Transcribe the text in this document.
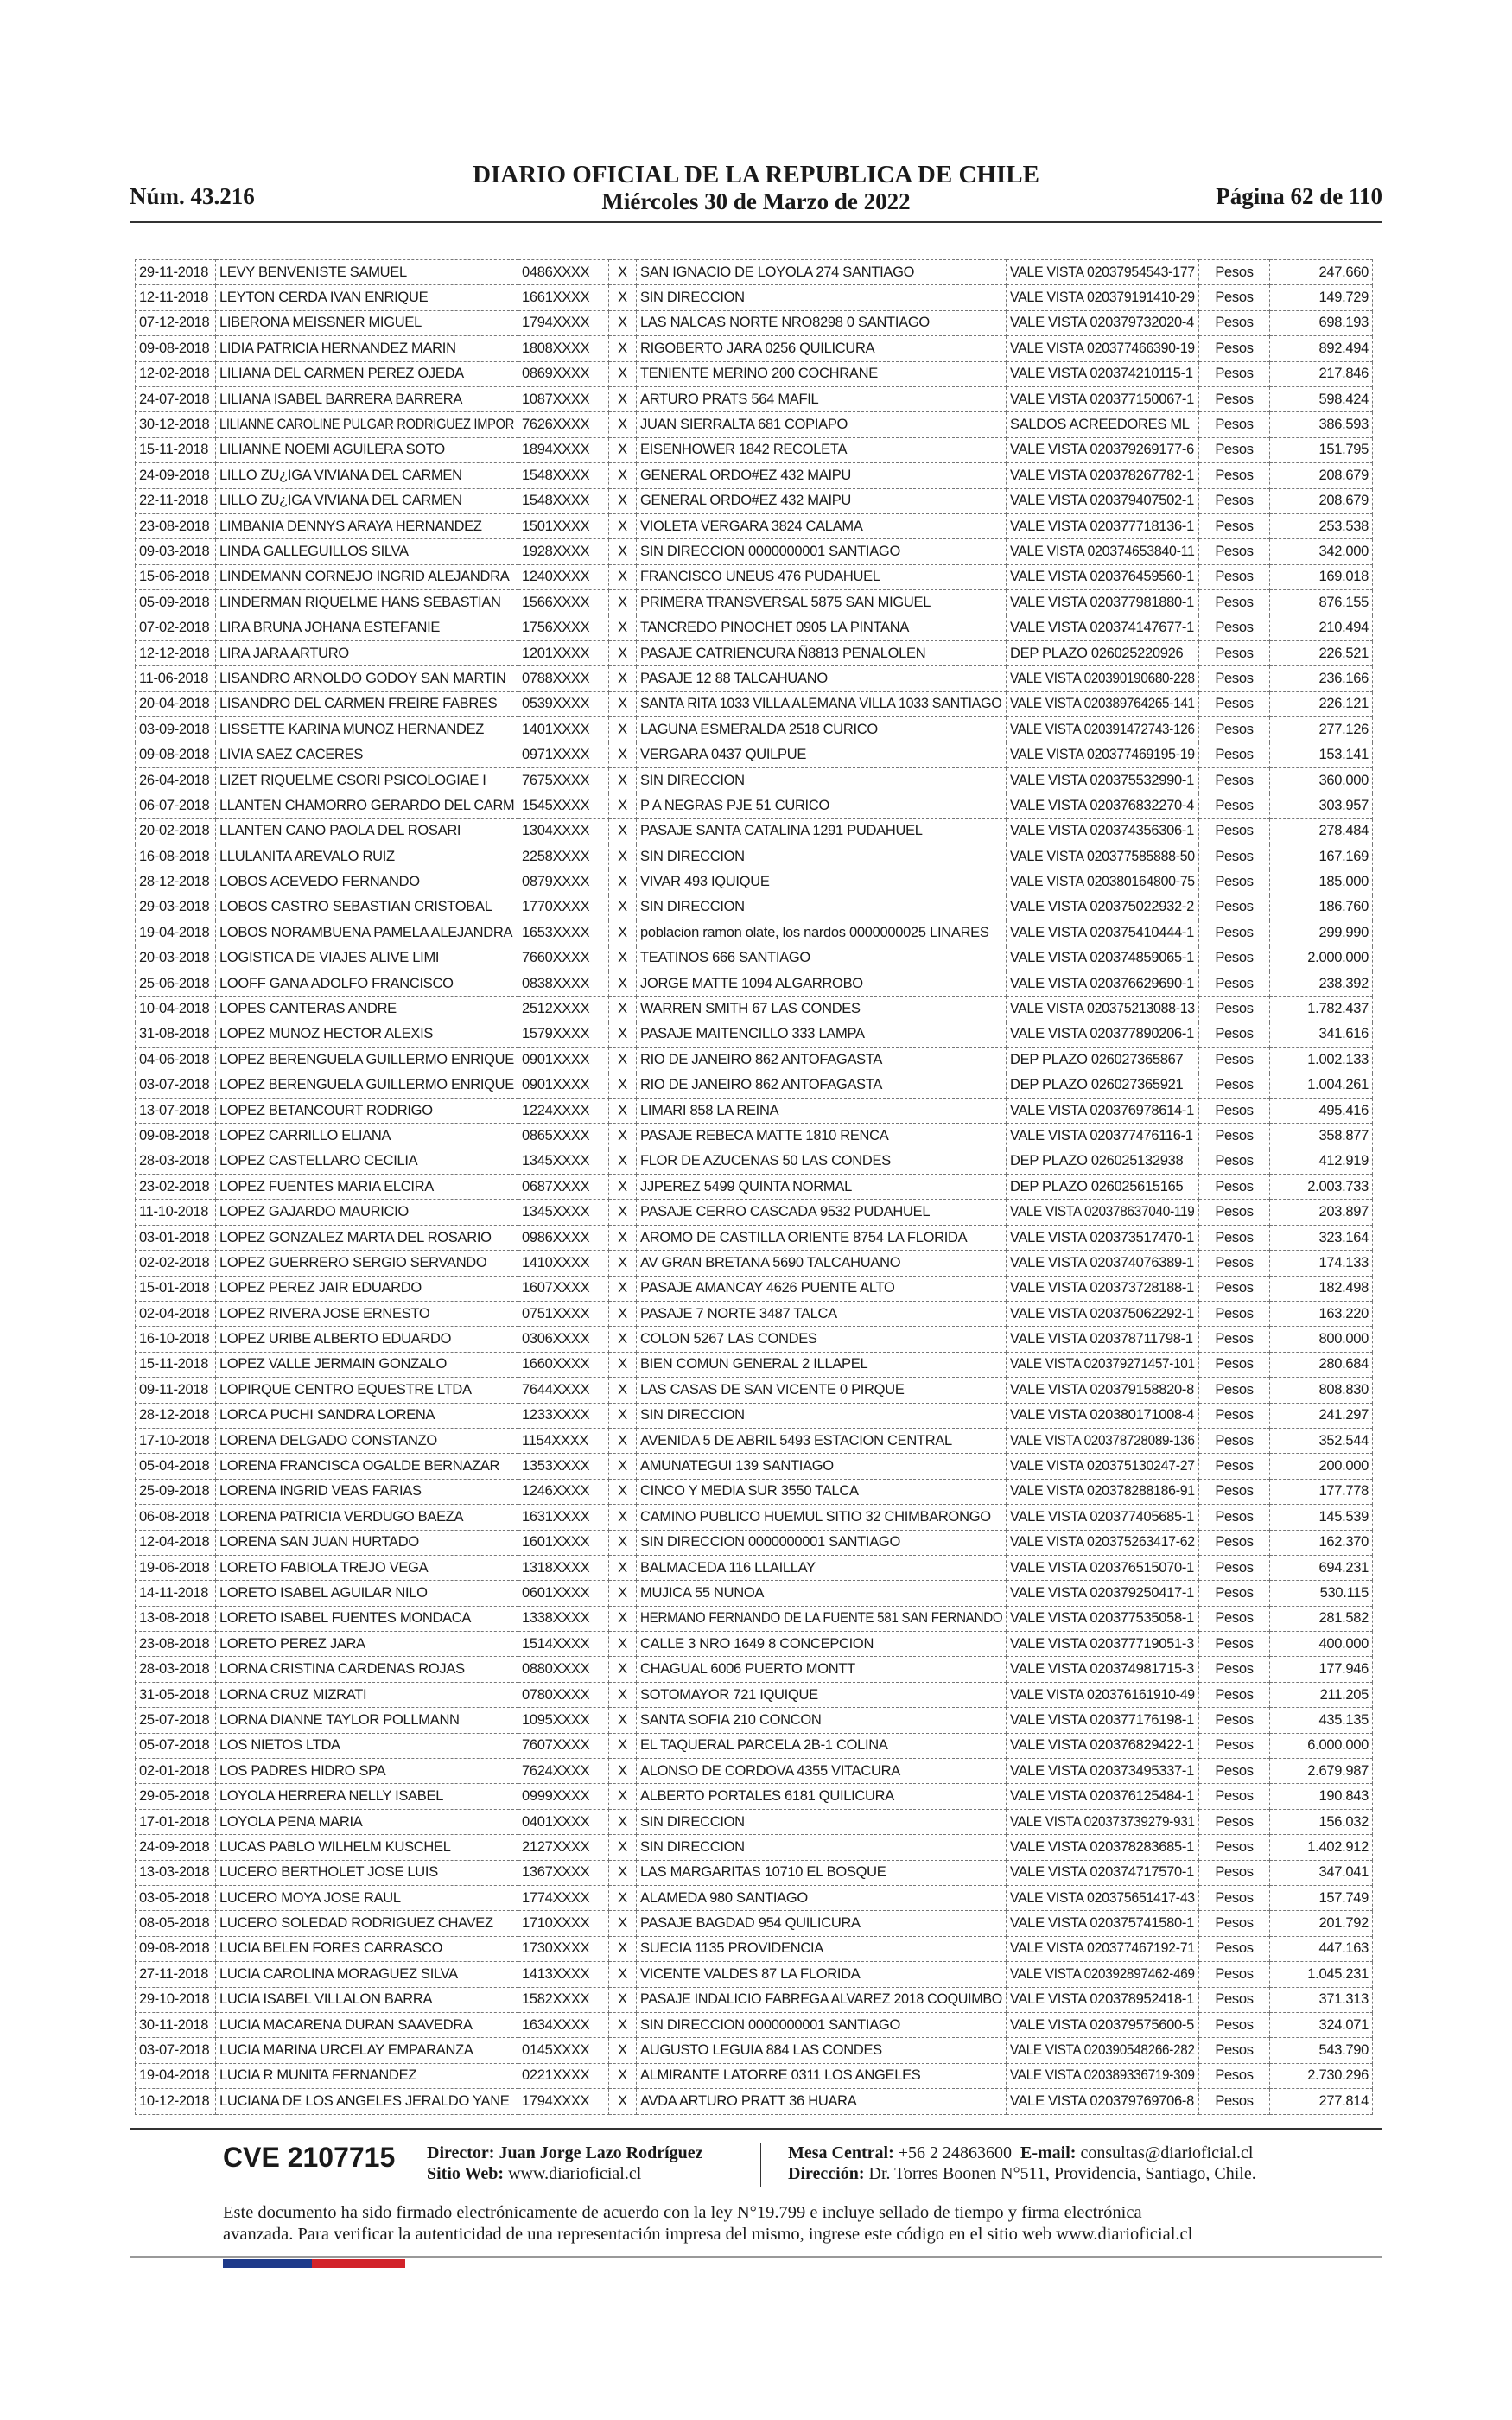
Núm. 43.216
DIARIO OFICIAL DE LA REPUBLICA DE CHILE
Miércoles 30 de Marzo de 2022	Página 62 de 110
29-11-2018	LEVY BENVENISTE SAMUEL	0486XXXX	X	SAN IGNACIO DE LOYOLA 274 SANTIAGO	VALE VISTA 02037954543-177	Pesos	247.660
12-11-2018	LEYTON CERDA IVAN ENRIQUE	1661XXXX	X	SIN DIRECCION	VALE VISTA 020379191410-29	Pesos	149.729
07-12-2018	LIBERONA MEISSNER MIGUEL	1794XXXX	X	LAS NALCAS NORTE NRO8298 0 SANTIAGO	VALE VISTA 020379732020-4	Pesos	698.193
09-08-2018	LIDIA PATRICIA HERNANDEZ MARIN	1808XXXX	X	RIGOBERTO JARA 0256 QUILICURA	VALE VISTA 020377466390-19	Pesos	892.494
12-02-2018	LILIANA DEL CARMEN PEREZ OJEDA	0869XXXX	X	TENIENTE MERINO 200 COCHRANE	VALE VISTA 020374210115-1	Pesos	217.846
24-07-2018	LILIANA ISABEL BARRERA BARRERA	1087XXXX	X	ARTURO PRATS 564 MAFIL	VALE VISTA 020377150067-1	Pesos	598.424
30-12-2018	LILIANNE CAROLINE PULGAR RODRIGUEZ IMPOR	7626XXXX	X	JUAN SIERRALTA 681 COPIAPO	SALDOS ACREEDORES ML	Pesos	386.593
15-11-2018	LILIANNE NOEMI AGUILERA SOTO	1894XXXX	X	EISENHOWER 1842 RECOLETA	VALE VISTA 020379269177-6	Pesos	151.795
24-09-2018	LILLO ZU¿IGA VIVIANA DEL CARMEN	1548XXXX	X	GENERAL ORDO#EZ 432 MAIPU	VALE VISTA 020378267782-1	Pesos	208.679
22-11-2018	LILLO ZU¿IGA VIVIANA DEL CARMEN	1548XXXX	X	GENERAL ORDO#EZ 432 MAIPU	VALE VISTA 020379407502-1	Pesos	208.679
23-08-2018	LIMBANIA DENNYS ARAYA HERNANDEZ	1501XXXX	X	VIOLETA VERGARA 3824 CALAMA	VALE VISTA 020377718136-1	Pesos	253.538
09-03-2018	LINDA GALLEGUILLOS SILVA	1928XXXX	X	SIN DIRECCION 0000000001 SANTIAGO	VALE VISTA 020374653840-11	Pesos	342.000
15-06-2018	LINDEMANN CORNEJO INGRID ALEJANDRA	1240XXXX	X	FRANCISCO UNEUS 476 PUDAHUEL	VALE VISTA 020376459560-1	Pesos	169.018
05-09-2018	LINDERMAN RIQUELME HANS SEBASTIAN	1566XXXX	X	PRIMERA TRANSVERSAL 5875 SAN MIGUEL	VALE VISTA 020377981880-1	Pesos	876.155
07-02-2018	LIRA BRUNA JOHANA ESTEFANIE	1756XXXX	X	TANCREDO PINOCHET 0905 LA PINTANA	VALE VISTA 020374147677-1	Pesos	210.494
12-12-2018	LIRA JARA ARTURO	1201XXXX	X	PASAJE CATRIENCURA Ñ8813 PENALOLEN	DEP PLAZO 026025220926	Pesos	226.521
11-06-2018	LISANDRO ARNOLDO GODOY SAN MARTIN	0788XXXX	X	PASAJE 12 88 TALCAHUANO	VALE VISTA 020390190680-228	Pesos	236.166
20-04-2018	LISANDRO DEL CARMEN FREIRE FABRES	0539XXXX	X	SANTA RITA 1033 VILLA ALEMANA VILLA 1033 SANTIAGO	VALE VISTA 020389764265-141	Pesos	226.121
03-09-2018	LISSETTE KARINA MUNOZ HERNANDEZ	1401XXXX	X	LAGUNA ESMERALDA 2518 CURICO	VALE VISTA 020391472743-126	Pesos	277.126
09-08-2018	LIVIA SAEZ CACERES	0971XXXX	X	VERGARA 0437 QUILPUE	VALE VISTA 020377469195-19	Pesos	153.141
26-04-2018	LIZET RIQUELME CSORI PSICOLOGIAE I	7675XXXX	X	SIN DIRECCION	VALE VISTA 020375532990-1	Pesos	360.000
06-07-2018	LLANTEN CHAMORRO GERARDO DEL CARM	1545XXXX	X	P A NEGRAS PJE 51 CURICO	VALE VISTA 020376832270-4	Pesos	303.957
20-02-2018	LLANTEN CANO PAOLA DEL ROSARI	1304XXXX	X	PASAJE SANTA CATALINA 1291 PUDAHUEL	VALE VISTA 020374356306-1	Pesos	278.484
16-08-2018	LLULANITA AREVALO RUIZ	2258XXXX	X	SIN DIRECCION	VALE VISTA 020377585888-50	Pesos	167.169
28-12-2018	LOBOS ACEVEDO FERNANDO	0879XXXX	X	VIVAR 493 IQUIQUE	VALE VISTA 020380164800-75	Pesos	185.000
29-03-2018	LOBOS CASTRO SEBASTIAN CRISTOBAL	1770XXXX	X	SIN DIRECCION	VALE VISTA 020375022932-2	Pesos	186.760
19-04-2018	LOBOS NORAMBUENA PAMELA ALEJANDRA	1653XXXX	X	poblacion ramon olate, los nardos 0000000025 LINARES	VALE VISTA 020375410444-1	Pesos	299.990
20-03-2018	LOGISTICA DE VIAJES ALIVE LIMI	7660XXXX	X	TEATINOS 666 SANTIAGO	VALE VISTA 020374859065-1	Pesos	2.000.000
25-06-2018	LOOFF GANA ADOLFO FRANCISCO	0838XXXX	X	JORGE MATTE 1094 ALGARROBO	VALE VISTA 020376629690-1	Pesos	238.392
10-04-2018	LOPES CANTERAS ANDRE	2512XXXX	X	WARREN SMITH 67 LAS CONDES	VALE VISTA 020375213088-13	Pesos	1.782.437
31-08-2018	LOPEZ MUNOZ HECTOR ALEXIS	1579XXXX	X	PASAJE MAITENCILLO 333 LAMPA	VALE VISTA 020377890206-1	Pesos	341.616
04-06-2018	LOPEZ BERENGUELA GUILLERMO ENRIQUE	0901XXXX	X	RIO DE JANEIRO 862 ANTOFAGASTA	DEP PLAZO 026027365867	Pesos	1.002.133
03-07-2018	LOPEZ BERENGUELA GUILLERMO ENRIQUE	0901XXXX	X	RIO DE JANEIRO 862 ANTOFAGASTA	DEP PLAZO 026027365921	Pesos	1.004.261
13-07-2018	LOPEZ BETANCOURT RODRIGO	1224XXXX	X	LIMARI 858 LA REINA	VALE VISTA 020376978614-1	Pesos	495.416
09-08-2018	LOPEZ CARRILLO ELIANA	0865XXXX	X	PASAJE REBECA MATTE 1810 RENCA	VALE VISTA 020377476116-1	Pesos	358.877
28-03-2018	LOPEZ CASTELLARO CECILIA	1345XXXX	X	FLOR DE AZUCENAS 50 LAS CONDES	DEP PLAZO 026025132938	Pesos	412.919
23-02-2018	LOPEZ FUENTES MARIA ELCIRA	0687XXXX	X	JJPEREZ 5499 QUINTA NORMAL	DEP PLAZO 026025615165	Pesos	2.003.733
11-10-2018	LOPEZ GAJARDO MAURICIO	1345XXXX	X	PASAJE CERRO CASCADA 9532 PUDAHUEL	VALE VISTA 020378637040-119	Pesos	203.897
03-01-2018	LOPEZ GONZALEZ MARTA DEL ROSARIO	0986XXXX	X	AROMO DE CASTILLA ORIENTE 8754 LA FLORIDA	VALE VISTA 020373517470-1	Pesos	323.164
02-02-2018	LOPEZ GUERRERO SERGIO SERVANDO	1410XXXX	X	AV GRAN BRETANA 5690 TALCAHUANO	VALE VISTA 020374076389-1	Pesos	174.133
15-01-2018	LOPEZ PEREZ JAIR EDUARDO	1607XXXX	X	PASAJE AMANCAY 4626 PUENTE ALTO	VALE VISTA 020373728188-1	Pesos	182.498
02-04-2018	LOPEZ RIVERA JOSE ERNESTO	0751XXXX	X	PASAJE 7 NORTE 3487 TALCA	VALE VISTA 020375062292-1	Pesos	163.220
16-10-2018	LOPEZ URIBE ALBERTO EDUARDO	0306XXXX	X	COLON 5267 LAS CONDES	VALE VISTA 020378711798-1	Pesos	800.000
15-11-2018	LOPEZ VALLE JERMAIN GONZALO	1660XXXX	X	BIEN COMUN GENERAL 2 ILLAPEL	VALE VISTA 020379271457-101	Pesos	280.684
09-11-2018	LOPIRQUE CENTRO EQUESTRE LTDA	7644XXXX	X	LAS CASAS DE SAN VICENTE 0 PIRQUE	VALE VISTA 020379158820-8	Pesos	808.830
28-12-2018	LORCA PUCHI SANDRA LORENA	1233XXXX	X	SIN DIRECCION	VALE VISTA 020380171008-4	Pesos	241.297
17-10-2018	LORENA DELGADO CONSTANZO	1154XXXX	X	AVENIDA 5 DE ABRIL 5493 ESTACION CENTRAL	VALE VISTA 020378728089-136	Pesos	352.544
05-04-2018	LORENA FRANCISCA OGALDE BERNAZAR	1353XXXX	X	AMUNATEGUI 139 SANTIAGO	VALE VISTA 020375130247-27	Pesos	200.000
25-09-2018	LORENA INGRID VEAS FARIAS	1246XXXX	X	CINCO Y MEDIA SUR 3550 TALCA	VALE VISTA 020378288186-91	Pesos	177.778
06-08-2018	LORENA PATRICIA VERDUGO BAEZA	1631XXXX	X	CAMINO PUBLICO HUEMUL SITIO 32 CHIMBARONGO	VALE VISTA 020377405685-1	Pesos	145.539
12-04-2018	LORENA SAN JUAN HURTADO	1601XXXX	X	SIN DIRECCION 0000000001 SANTIAGO	VALE VISTA 020375263417-62	Pesos	162.370
19-06-2018	LORETO FABIOLA TREJO VEGA	1318XXXX	X	BALMACEDA 116 LLAILLAY	VALE VISTA 020376515070-1	Pesos	694.231
14-11-2018	LORETO ISABEL AGUILAR NILO	0601XXXX	X	MUJICA 55 NUNOA	VALE VISTA 020379250417-1	Pesos	530.115
13-08-2018	LORETO ISABEL FUENTES MONDACA	1338XXXX	X	HERMANO FERNANDO DE LA FUENTE 581 SAN FERNANDO	VALE VISTA 020377535058-1	Pesos	281.582
23-08-2018	LORETO PEREZ JARA	1514XXXX	X	CALLE 3 NRO 1649 8 CONCEPCION	VALE VISTA 020377719051-3	Pesos	400.000
28-03-2018	LORNA CRISTINA CARDENAS ROJAS	0880XXXX	X	CHAGUAL 6006 PUERTO MONTT	VALE VISTA 020374981715-3	Pesos	177.946
31-05-2018	LORNA CRUZ MIZRATI	0780XXXX	X	SOTOMAYOR 721 IQUIQUE	VALE VISTA 020376161910-49	Pesos	211.205
25-07-2018	LORNA DIANNE TAYLOR POLLMANN	1095XXXX	X	SANTA SOFIA 210 CONCON	VALE VISTA 020377176198-1	Pesos	435.135
05-07-2018	LOS NIETOS LTDA	7607XXXX	X	EL TAQUERAL PARCELA 2B-1 COLINA	VALE VISTA 020376829422-1	Pesos	6.000.000
02-01-2018	LOS PADRES HIDRO SPA	7624XXXX	X	ALONSO DE CORDOVA 4355 VITACURA	VALE VISTA 020373495337-1	Pesos	2.679.987
29-05-2018	LOYOLA HERRERA NELLY ISABEL	0999XXXX	X	ALBERTO PORTALES 6181 QUILICURA	VALE VISTA 020376125484-1	Pesos	190.843
17-01-2018	LOYOLA PENA MARIA	0401XXXX	X	SIN DIRECCION	VALE VISTA 020373739279-931	Pesos	156.032
24-09-2018	LUCAS PABLO WILHELM KUSCHEL	2127XXXX	X	SIN DIRECCION	VALE VISTA 020378283685-1	Pesos	1.402.912
13-03-2018	LUCERO BERTHOLET JOSE LUIS	1367XXXX	X	LAS MARGARITAS 10710 EL BOSQUE	VALE VISTA 020374717570-1	Pesos	347.041
03-05-2018	LUCERO MOYA JOSE RAUL	1774XXXX	X	ALAMEDA 980 SANTIAGO	VALE VISTA 020375651417-43	Pesos	157.749
08-05-2018	LUCERO SOLEDAD RODRIGUEZ CHAVEZ	1710XXXX	X	PASAJE BAGDAD 954 QUILICURA	VALE VISTA 020375741580-1	Pesos	201.792
09-08-2018	LUCIA BELEN FORES CARRASCO	1730XXXX	X	SUECIA 1135 PROVIDENCIA	VALE VISTA 020377467192-71	Pesos	447.163
27-11-2018	LUCIA CAROLINA MORAGUEZ SILVA	1413XXXX	X	VICENTE VALDES 87 LA FLORIDA	VALE VISTA 020392897462-469	Pesos	1.045.231
29-10-2018	LUCIA ISABEL VILLALON BARRA	1582XXXX	X	PASAJE INDALICIO FABREGA ALVAREZ 2018 COQUIMBO	VALE VISTA 020378952418-1	Pesos	371.313
30-11-2018	LUCIA MACARENA DURAN SAAVEDRA	1634XXXX	X	SIN DIRECCION 0000000001 SANTIAGO	VALE VISTA 020379575600-5	Pesos	324.071
03-07-2018	LUCIA MARINA URCELAY EMPARANZA	0145XXXX	X	AUGUSTO LEGUIA 884 LAS CONDES	VALE VISTA 020390548266-282	Pesos	543.790
19-04-2018	LUCIA R MUNITA FERNANDEZ	0221XXXX	X	ALMIRANTE LATORRE 0311 LOS ANGELES	VALE VISTA 020389336719-309	Pesos	2.730.296
10-12-2018	LUCIANA DE LOS ANGELES JERALDO YANE	1794XXXX	X	AVDA ARTURO PRATT 36 HUARA	VALE VISTA 020379769706-8	Pesos	277.814
CVE 2107715 Director: Juan Jorge Lazo Rodríguez
Sitio Web: www.diarioficial.cl
Mesa Central: +56 2 24863600 E-mail: consultas@diarioficial.cl
Dirección: Dr. Torres Boonen N°511, Providencia, Santiago, Chile.
Este documento ha sido firmado electrónicamente de acuerdo con la ley N°19.799 e incluye sellado de tiempo y firma electrónica
avanzada. Para verificar la autenticidad de una representación impresa del mismo, ingrese este código en el sitio web www.diarioficial.cl
